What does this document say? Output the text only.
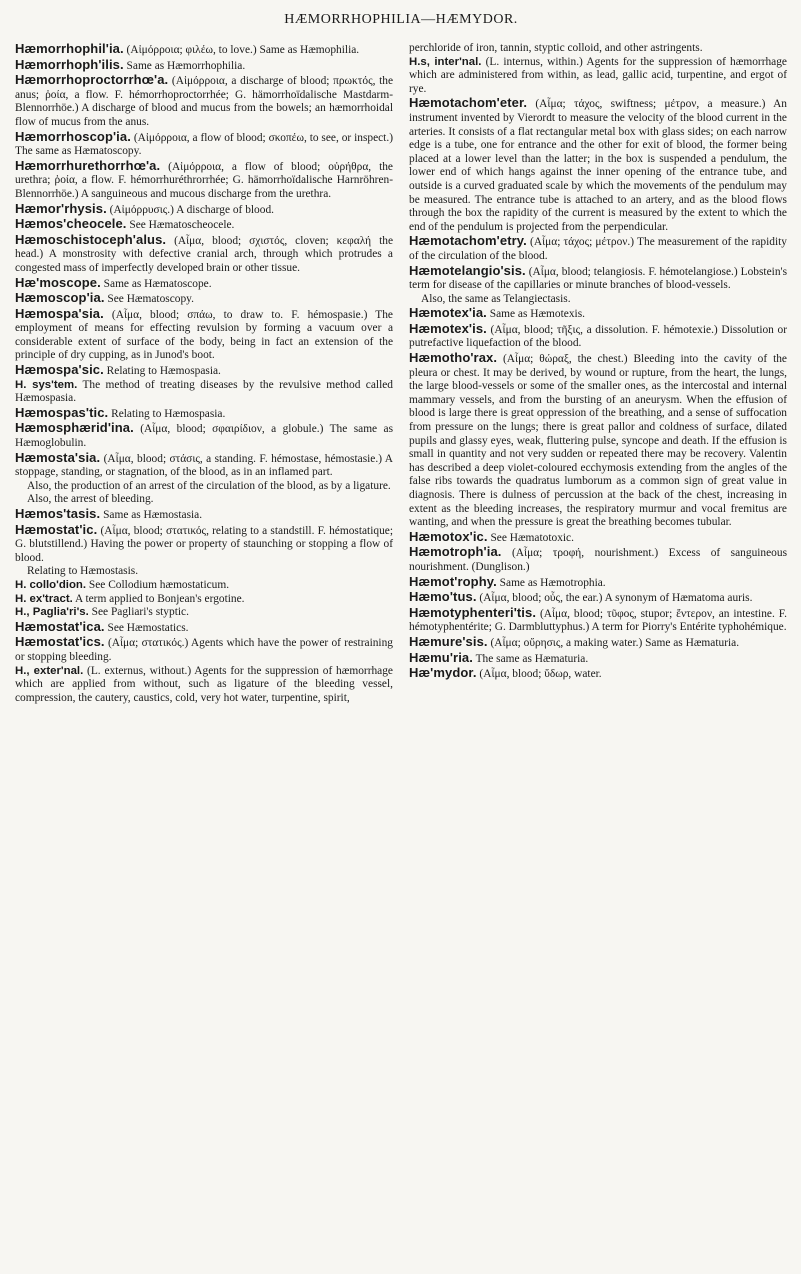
HÆMORRHOPHILIA—HÆMYDOR.

Hæmorrhophil'ia. (Αἱμόρροια; φιλέω, to love.) Same as Hæmophilia.

Hæmorrhoph'ilis. Same as Hæmorrhophilia.

Hæmorrhoproctorrhœ'a. (Αἱμόρροια, a discharge of blood; πρωκτός, the anus; ῥοία, a flow. F. hémorrhoproctorrhée; G. hämorrhoïdalische Mastdarm-Blennorrhöe.) A discharge of blood and mucus from the bowels; an hæmorrhoidal flow of mucus from the anus.

Hæmorrhoscop'ia. (Αἱμόρροια, a flow of blood; σκοπέω, to see, or inspect.) The same as Hæmatoscopy.

Hæmorrhurethorrhœ'a. (Αἱμόρροια, a flow of blood; οὐρήθρα, the urethra; ῥοία, a flow. F. hémorrhuréthrorrhée; G. hämorrhoïdalische Harnröhren-Blennorrhöe.) A sanguineous and mucous discharge from the urethra.

Hæmor'rhysis. (Αἱμόρρυσις.) A discharge of blood.

Hæmos'cheocele. See Hæmatoscheocele.

Hæmoschistoceph'alus. (Αἷμα, blood; σχιστός, cloven; κεφαλή the head.) A monstrosity with defective cranial arch, through which protrudes a congested mass of imperfectly developed brain or other tissue.

Hæ'moscope. Same as Hæmatoscope.

Hæmoscop'ia. See Hæmatoscopy.

Hæmospa'sia. (Αἷμα, blood; σπάω, to draw to. F. hémospasie.) The employment of means for effecting revulsion by forming a vacuum over a considerable extent of surface of the body, being in fact an extension of the principle of dry cupping, as in Junod's boot.

Hæmospa'sic. Relating to Hæmospasia.

H. sys'tem. The method of treating diseases by the revulsive method called Hæmospasia.

Hæmospas'tic. Relating to Hæmospasia.

Hæmosphærid'ina. (Αἷμα, blood; σφαιρίδιον, a globule.) The same as Hæmoglobulin.

Hæmosta'sia. (Αἷμα, blood; στάσις, a standing. F. hémostase, hémostasie.) A stoppage, standing, or stagnation, of the blood, as in an inflamed part.

Also, the production of an arrest of the circulation of the blood, as by a ligature.

Also, the arrest of bleeding.

Hæmos'tasis. Same as Hæmostasia.

Hæmostat'ic. (Αἷμα, blood; στατικός, relating to a standstill. F. hémostatique; G. blutstillend.) Having the power or property of staunching or stopping a flow of blood.

Relating to Hæmostasis.

H. collo'dion. See Collodium hæmostaticum.

H. ex'tract. A term applied to Bonjean's ergotine.

H., Paglia'ri's. See Pagliari's styptic.

Hæmostat'ica. See Hæmostatics.

Hæmostat'ics. (Αἷμα; στατικός.) Agents which have the power of restraining or stopping bleeding.

H., exter'nal. (L. externus, without.) Agents for the suppression of hæmorrhage which are applied from without, such as ligature of the bleeding vessel, compression, the cautery, caustics, cold, very hot water, turpentine, spirit,

perchloride of iron, tannin, styptic colloid, and other astringents.

H.s, inter'nal. (L. internus, within.) Agents for the suppression of hæmorrhage which are administered from within, as lead, gallic acid, turpentine, and ergot of rye.

Hæmotachom'eter. (Αἷμα; τάχος, swiftness; μέτρον, a measure.) An instrument invented by Vierordt to measure the velocity of the blood current in the arteries. It consists of a flat rectangular metal box with glass sides; on each narrow edge is a tube, one for entrance and the other for exit of blood, the former being placed at a lower level than the latter; in the box is suspended a pendulum, the lower end of which hangs against the inner opening of the entrance tube, and outside is a curved graduated scale by which the movements of the pendulum may be measured. The entrance tube is attached to an artery, and as the blood flows through the box the rapidity of the current is measured by the extent to which the end of the pendulum is projected from the perpendicular.

Hæmotachom'etry. (Αἷμα; τάχος; μέτρον.) The measurement of the rapidity of the circulation of the blood.

Hæmotelangio'sis. (Αἷμα, blood; telangiosis. F. hémotelangiose.) Lobstein's term for disease of the capillaries or minute branches of blood-vessels.

Also, the same as Telangiectasis.

Hæmotex'ia. Same as Hæmotexis.

Hæmotex'is. (Αἷμα, blood; τῆξις, a dissolution. F. hémotexie.) Dissolution or putrefactive liquefaction of the blood.

Hæmotho'rax. (Αἷμα; θώραξ, the chest.) Bleeding into the cavity of the pleura or chest. It may be derived, by wound or rupture, from the heart, the lungs, the large blood-vessels or some of the smaller ones, as the intercostal and internal mammary vessels, and from the bursting of an aneurysm. When the effusion of blood is large there is great oppression of the breathing, and a sense of suffocation from pressure on the lungs; there is great pallor and coldness of surface, dilated pupils and glassy eyes, weak, fluttering pulse, syncope and death. If the effusion is small in quantity and not very sudden or repeated there may be recovery. Valentin has described a deep violet-coloured ecchymosis extending from the angles of the false ribs towards the quadratus lumborum as a common sign of great value in diagnosis. There is dulness of percussion at the back of the chest, increasing in extent as the bleeding increases, the respiratory murmur and vocal fremitus are wanting, and when the pressure is great the breathing becomes tubular.

Hæmotox'ic. See Hæmatotoxic.

Hæmotroph'ia. (Αἷμα; τροφή, nourishment.) Excess of sanguineous nourishment. (Dunglison.)

Hæmot'rophy. Same as Hæmotrophia.

Hæmo'tus. (Αἷμα, blood; οὖς, the ear.) A synonym of Hæmatoma auris.

Hæmotyphenteri'tis. (Αἷμα, blood; τῦφος, stupor; ἔντερον, an intestine. F. hémotyphentérite; G. Darmbluttyphus.) A term for Piorry's Entérite typhohémique.

Hæmure'sis. (Αἷμα; οὔρησις, a making water.) Same as Hæmaturia.

Hæmu'ria. The same as Hæmaturia.

Hæ'mydor. (Αἷμα, blood; ὕδωρ, water.
